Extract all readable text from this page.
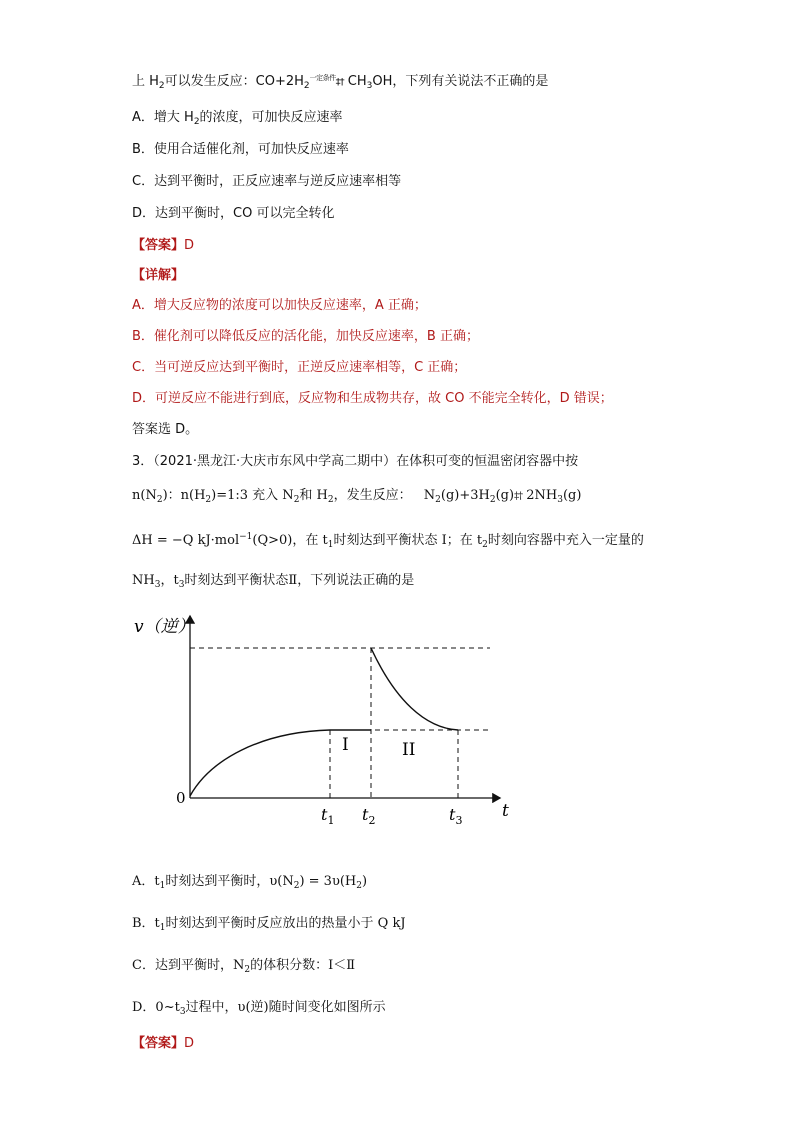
上 $H_2$可以发生反应：$CO+2H_2^{一定条件}\ddagger\dagger$ $CH_3OH$，下列有关说法不正确的是
A．增大 $H_2$的浓度，可加快反应速率
B．使用合适催化剂，可加快反应速率
C．达到平衡时，正反应速率与逆反应速率相等
D．达到平衡时，CO 可以完全转化
【答案】D
【详解】
A．增大反应物的浓度可以加快反应速率，A 正确；
B．催化剂可以降低反应的活化能，加快反应速率，B 正确；
C．当可逆反应达到平衡时，正逆反应速率相等，C 正确；
D．可逆反应不能进行到底，反应物和生成物共存，故 CO 不能完全转化，D 错误；
答案选 D。
3．（2021·黑龙江·大庆市东风中学高二期中）在体积可变的恒温密闭容器中按
$n(N_2)$：$n(H_2)=1:3$ 充入 $N_2$和 $H_2$，发生反应： $N_2(g)+3H_2(g)\ddagger\dagger$ $2NH_3(g)$
ΔH = −Q kJ·mol$^{-1}$(Q>0)，在 $t_1$时刻达到平衡状态 I；在 $t_2$时刻向容器中充入一定量的
$NH_3$，$t_3$时刻达到平衡状态Ⅱ，下列说法正确的是
v（逆）
t
0
$t_1$ $t_2$	$t_3$
I	II
A．$t_1$时刻达到平衡时，$\upsilon(N_2) = 3\upsilon(H_2)$
B．$t_1$时刻达到平衡时反应放出的热量小于 Q kJ
C．达到平衡时，$N_2$的体积分数：I＜Ⅱ
D．$0\sim t_3$过程中，υ(逆)随时间变化如图所示
【答案】D
